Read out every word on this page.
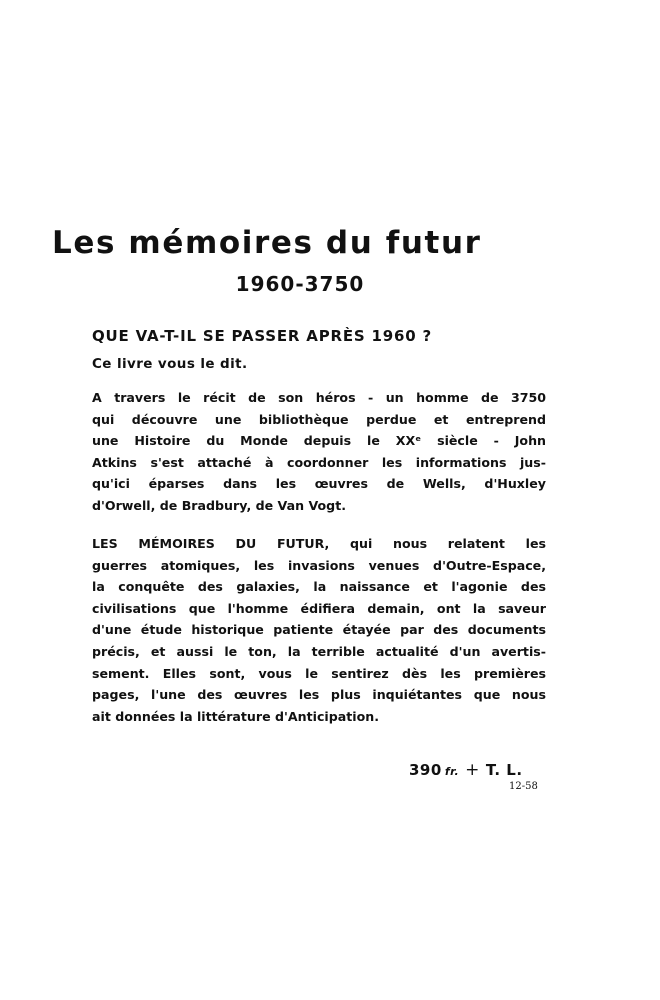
Les mémoires du futur
1960-3750
QUE VA-T-IL SE PASSER APRÈS 1960 ?
Ce livre vous le dit.
A travers le récit de son héros - un homme de 3750
qui découvre une bibliothèque perdue et entreprend
une Histoire du Monde depuis le XXᵉ siècle - John
Atkins s'est attaché à coordonner les informations jus-
qu'ici éparses dans les œuvres de Wells, d'Huxley
d'Orwell, de Bradbury, de Van Vogt.
LES MÉMOIRES DU FUTUR, qui nous relatent les
guerres atomiques, les invasions venues d'Outre-Espace,
la conquête des galaxies, la naissance et l'agonie des
civilisations que l'homme édifiera demain, ont la saveur
d'une étude historique patiente étayée par des documents
précis, et aussi le ton, la terrible actualité d'un avertis-
sement. Elles sont, vous le sentirez dès les premières
pages, l'une des œuvres les plus inquiétantes que nous
ait données la littérature d'Anticipation.
390 fr. + T. L.
12-58
